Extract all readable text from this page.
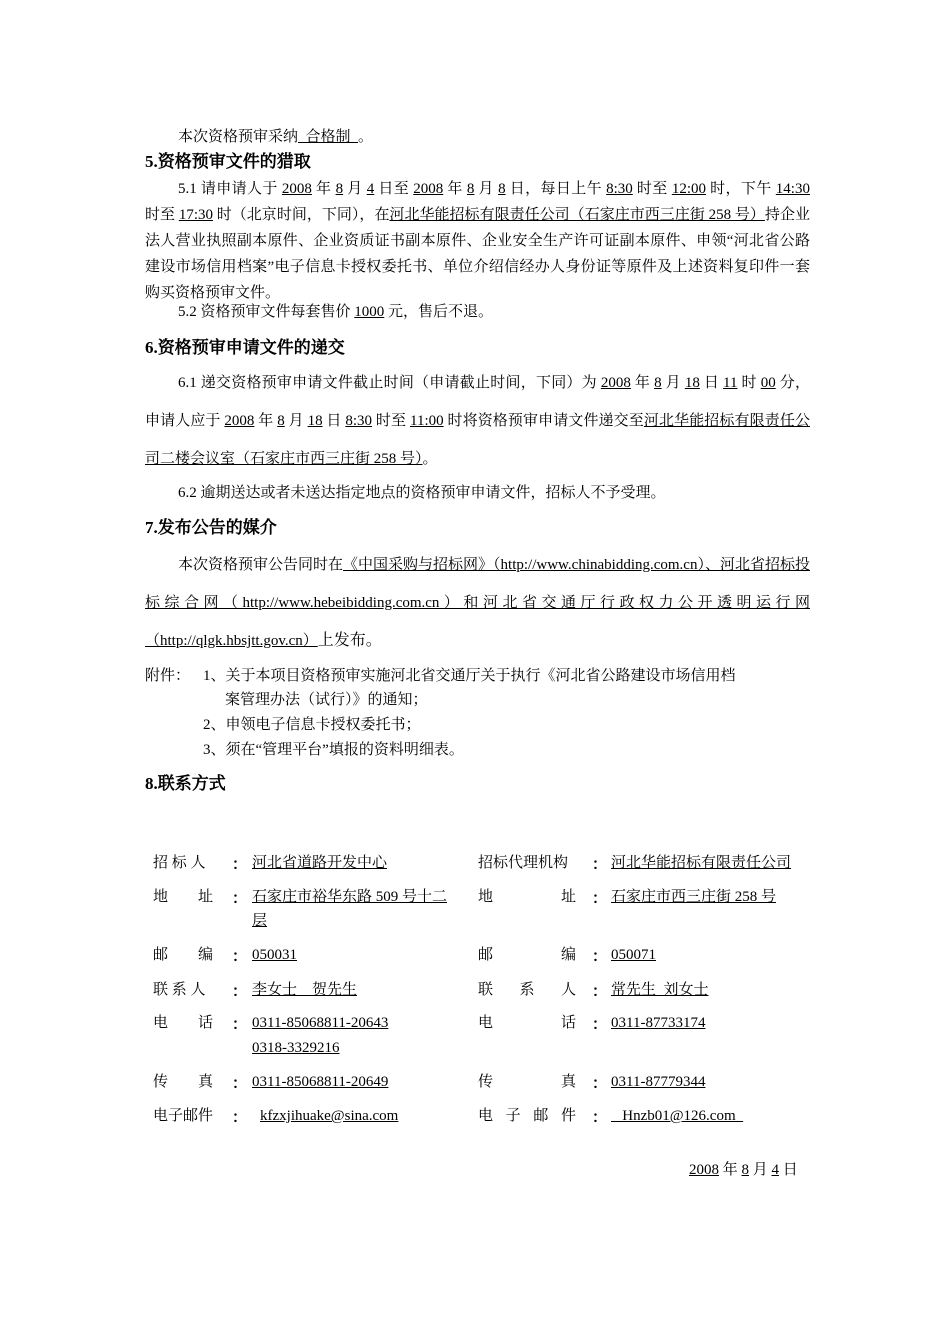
本次资格预审采纳  合格制  。
5.资格预审文件的猎取
5.1 请申请人于 2008 年 8 月 4 日至 2008 年 8 月 8 日，每日上午 8:30 时至 12:00 时，下午 14:30 时至 17:30 时（北京时间，下同），在河北华能招标有限责任公司（石家庄市西三庄街 258 号）持企业法人营业执照副本原件、企业资质证书副本原件、企业安全生产许可证副本原件、申领“河北省公路建设市场信用档案”电子信息卡授权委托书、单位介绍信经办人身份证等原件及上述资料复印件一套购买资格预审文件。
5.2 资格预审文件每套售价 1000 元，售后不退。
6.资格预审申请文件的递交
6.1 递交资格预审申请文件截止时间（申请截止时间，下同）为 2008 年 8 月 18 日 11 时 00 分，申请人应于 2008 年 8 月 18 日 8:30 时至 11:00 时将资格预审申请文件递交至河北华能招标有限责任公司二楼会议室（石家庄市西三庄街 258 号）。
6.2 逾期送达或者未送达指定地点的资格预审申请文件，招标人不予受理。
7.发布公告的媒介
本次资格预审公告同时在《中国采购与招标网》（http://www.chinabidding.com.cn）、河北省招标投标综合网（http://www.hebeibidding.com.cn）和河北省交通厅行政权力公开透明运行网（http://qlgk.hbsjtt.gov.cn）上发布。
附件： 1、关于本项目资格预审实施河北省交通厅关于执行《河北省公路建设市场信用档
案管理办法（试行）》的通知；
2、申领电子信息卡授权委托书；
3、须在“管理平台”填报的资料明细表。
8.联系方式
招 标 人
地　　址
邮　　编
联 系 人
电　　话
传　　真
电子邮件
：
：
：
：
：
：
：
河北省道路开发中心
石家庄市裕华东路 509 号十二
层
050031
李女士　贺先生
0311-85068811-20643
0318-3329216
0311-85068811-20649
kfzxjihuake@sina.com
招标代理机构
地　　　址
邮　　　编
联　系　人
电　　　话
传　　　真
电 子 邮 件
：
：
：
：
：
：
：
河北华能招标有限责任公司
石家庄市西三庄街 258 号
050071
常先生  刘女士
0311-87733174
0311-87779344
Hnzb01@126.com
2008 年 8 月 4 日
